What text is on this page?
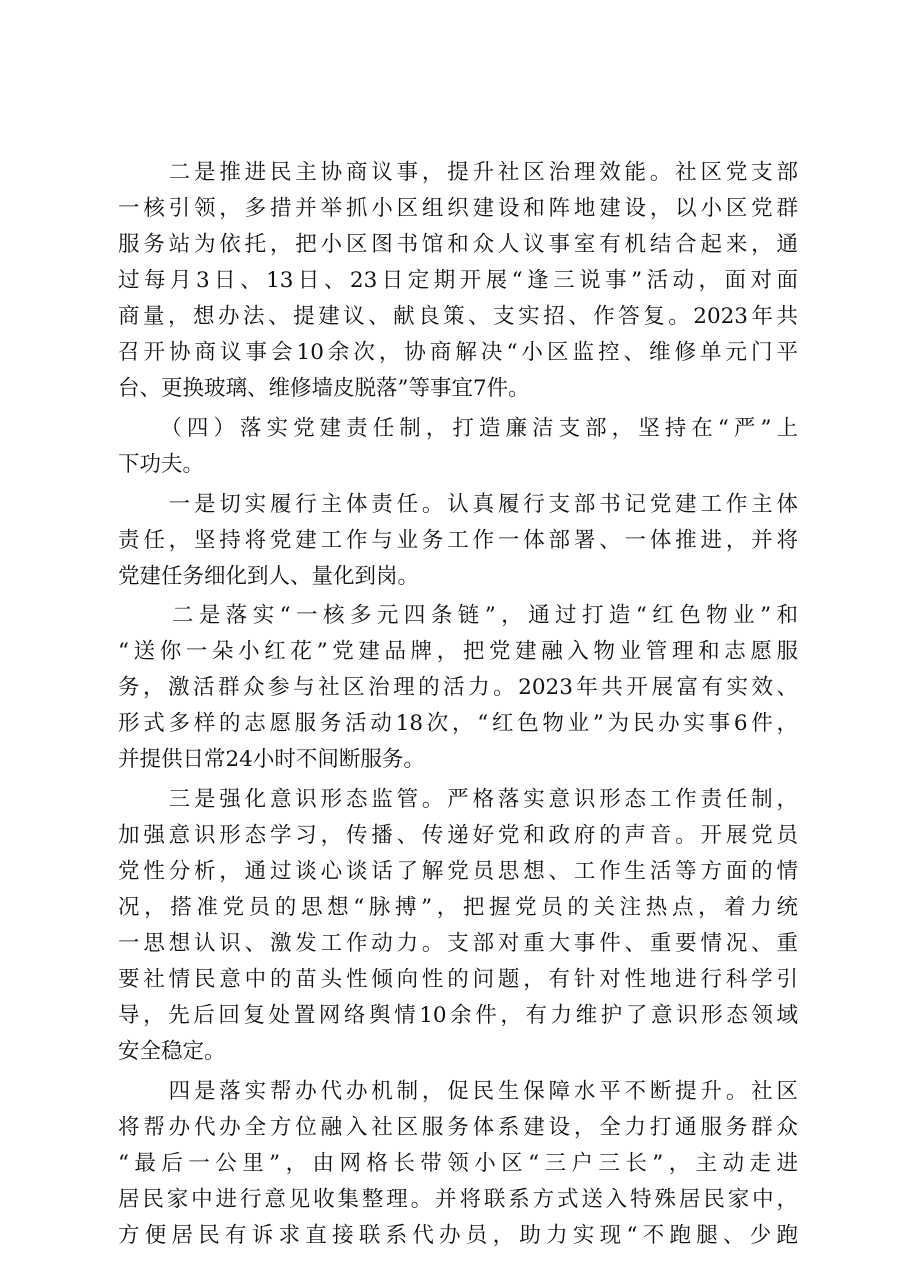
　　二是推进民主协商议事，提升社区治理效能。社区党支部
一核引领，多措并举抓小区组织建设和阵地建设，以小区党群
服务站为依托，把小区图书馆和众人议事室有机结合起来，通
过每月3日、13日、23日定期开展“逢三说事”活动，面对面
商量，想办法、提建议、献良策、支实招、作答复。2023年共
召开协商议事会10余次，协商解决“小区监控、维修单元门平
台、更换玻璃、维修墙皮脱落”等事宜7件。
　　（四）落实党建责任制，打造廉洁支部，坚持在“严”上
下功夫。
　　一是切实履行主体责任。认真履行支部书记党建工作主体
责任，坚持将党建工作与业务工作一体部署、一体推进，并将
党建任务细化到人、量化到岗。
　　二是落实“一核多元四条链”，通过打造“红色物业”和
“送你一朵小红花”党建品牌，把党建融入物业管理和志愿服
务，激活群众参与社区治理的活力。2023年共开展富有实效、
形式多样的志愿服务活动18次，“红色物业”为民办实事6件，
并提供日常24小时不间断服务。
　　三是强化意识形态监管。严格落实意识形态工作责任制，
加强意识形态学习，传播、传递好党和政府的声音。开展党员
党性分析，通过谈心谈话了解党员思想、工作生活等方面的情
况，搭准党员的思想“脉搏”，把握党员的关注热点，着力统
一思想认识、激发工作动力。支部对重大事件、重要情况、重
要社情民意中的苗头性倾向性的问题，有针对性地进行科学引
导，先后回复处置网络舆情10余件，有力维护了意识形态领域
安全稳定。
　　四是落实帮办代办机制，促民生保障水平不断提升。社区
将帮办代办全方位融入社区服务体系建设，全力打通服务群众
“最后一公里”，由网格长带领小区“三户三长”，主动走进
居民家中进行意见收集整理。并将联系方式送入特殊居民家中，
方便居民有诉求直接联系代办员，助力实现“不跑腿、少跑
